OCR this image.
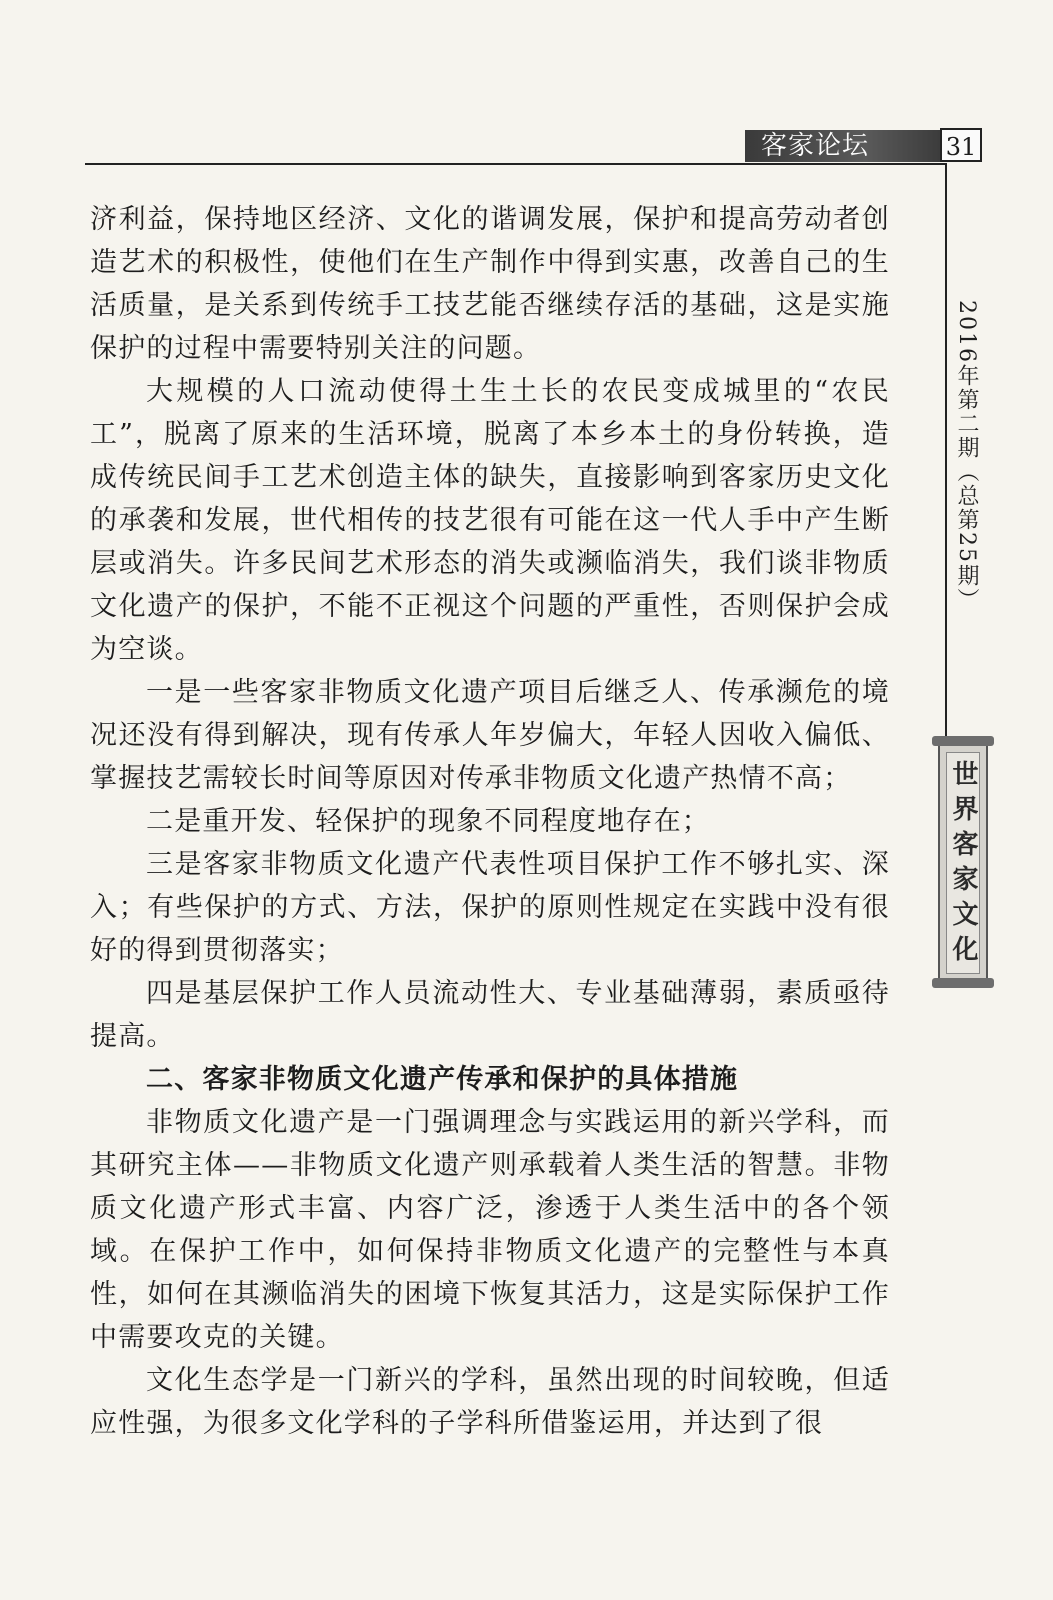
客家论坛	31
2016年第二期（总第25期）
世界客家文化

济利益，保持地区经济、文化的谐调发展，保护和提高劳动者创造艺术的积极性，使他们在生产制作中得到实惠，改善自己的生活质量，是关系到传统手工技艺能否继续存活的基础，这是实施保护的过程中需要特别关注的问题。

大规模的人口流动使得土生土长的农民变成城里的“农民工”，脱离了原来的生活环境，脱离了本乡本土的身份转换，造成传统民间手工艺术创造主体的缺失，直接影响到客家历史文化的承袭和发展，世代相传的技艺很有可能在这一代人手中产生断层或消失。许多民间艺术形态的消失或濒临消失，我们谈非物质文化遗产的保护，不能不正视这个问题的严重性，否则保护会成为空谈。

一是一些客家非物质文化遗产项目后继乏人、传承濒危的境况还没有得到解决，现有传承人年岁偏大，年轻人因收入偏低、掌握技艺需较长时间等原因对传承非物质文化遗产热情不高；

二是重开发、轻保护的现象不同程度地存在；

三是客家非物质文化遗产代表性项目保护工作不够扎实、深入；有些保护的方式、方法，保护的原则性规定在实践中没有很好的得到贯彻落实；

四是基层保护工作人员流动性大、专业基础薄弱，素质亟待提高。

二、客家非物质文化遗产传承和保护的具体措施

非物质文化遗产是一门强调理念与实践运用的新兴学科，而其研究主体——非物质文化遗产则承载着人类生活的智慧。非物质文化遗产形式丰富、内容广泛，渗透于人类生活中的各个领域。在保护工作中，如何保持非物质文化遗产的完整性与本真性，如何在其濒临消失的困境下恢复其活力，这是实际保护工作中需要攻克的关键。

文化生态学是一门新兴的学科，虽然出现的时间较晚，但适应性强，为很多文化学科的子学科所借鉴运用，并达到了很
